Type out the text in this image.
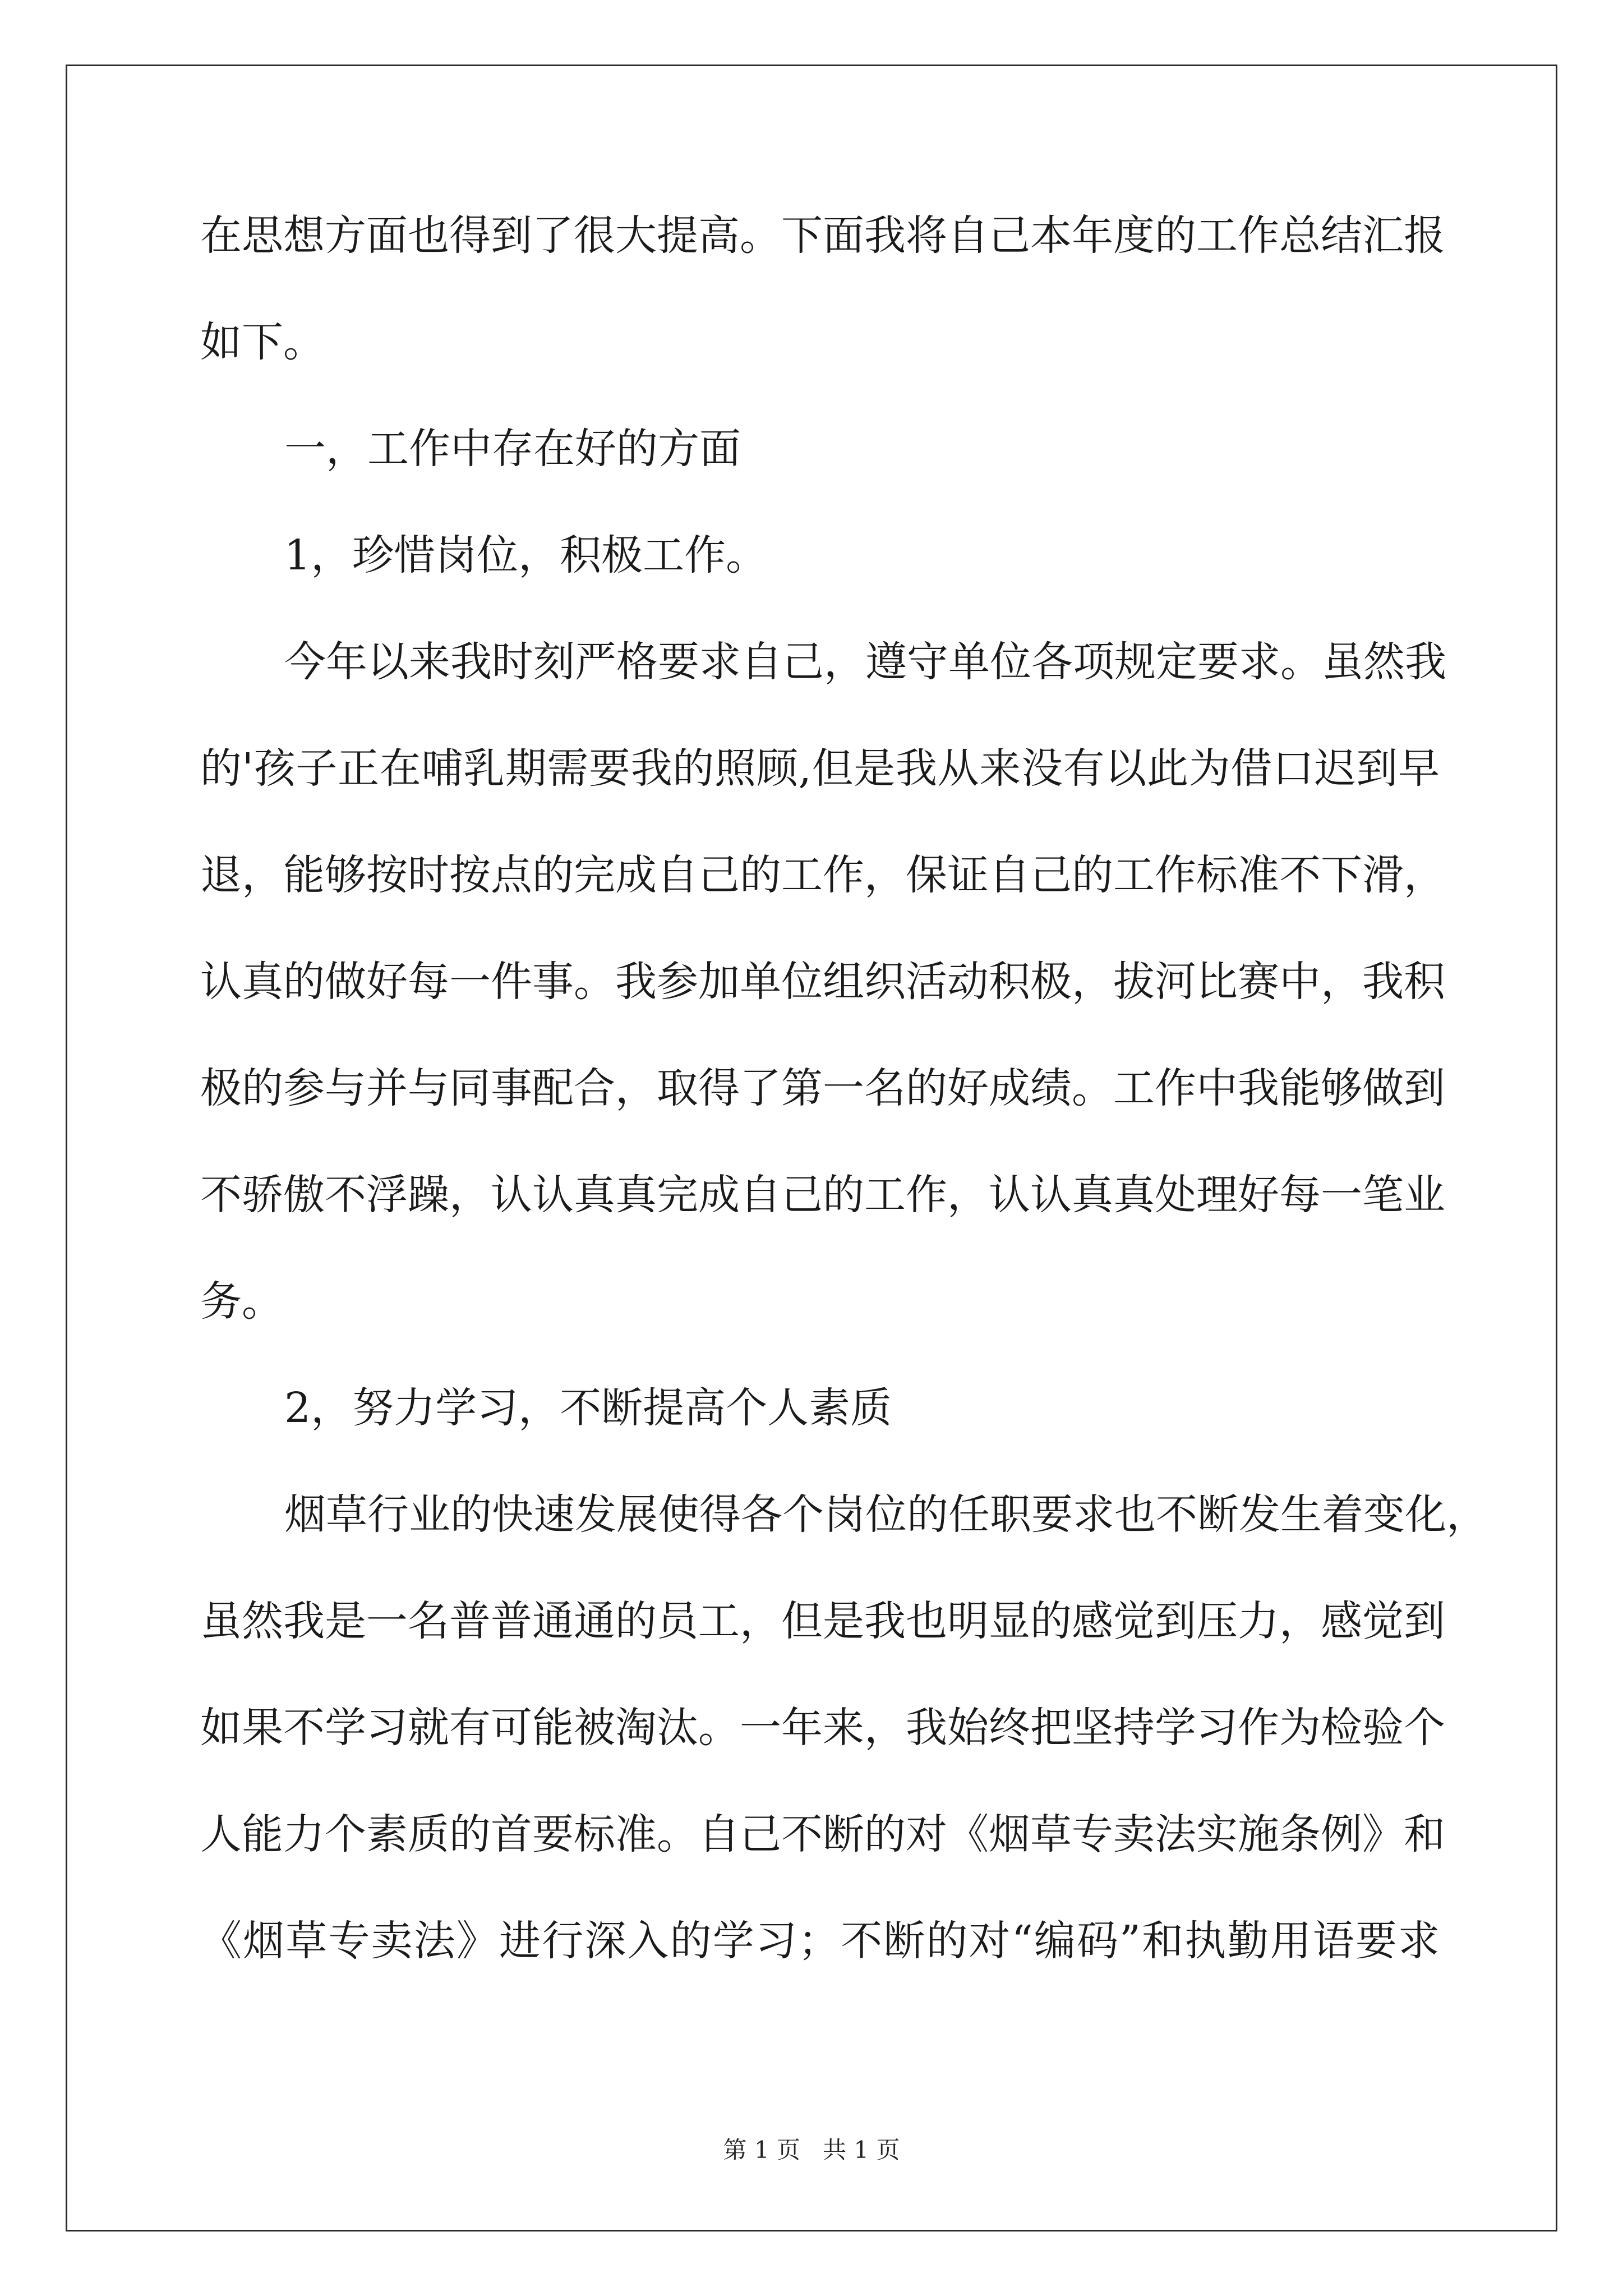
在思想方面也得到了很大提高。下面我将自己本年度的工作总结汇报
如下。
一，工作中存在好的方面
1，珍惜岗位，积极工作。
今年以来我时刻严格要求自己，遵守单位各项规定要求。虽然我
的'孩子正在哺乳期需要我的照顾,但是我从来没有以此为借口迟到早
退，能够按时按点的完成自己的工作，保证自己的工作标准不下滑，
认真的做好每一件事。我参加单位组织活动积极，拔河比赛中，我积
极的参与并与同事配合，取得了第一名的好成绩。工作中我能够做到
不骄傲不浮躁，认认真真完成自己的工作，认认真真处理好每一笔业
务。
2，努力学习，不断提高个人素质
烟草行业的快速发展使得各个岗位的任职要求也不断发生着变化，
虽然我是一名普普通通的员工，但是我也明显的感觉到压力，感觉到
如果不学习就有可能被淘汰。一年来，我始终把坚持学习作为检验个
人能力个素质的首要标准。自己不断的对《烟草专卖法实施条例》和
《烟草专卖法》进行深入的学习；不断的对“编码”和执勤用语要求
第 1 页   共 1 页
